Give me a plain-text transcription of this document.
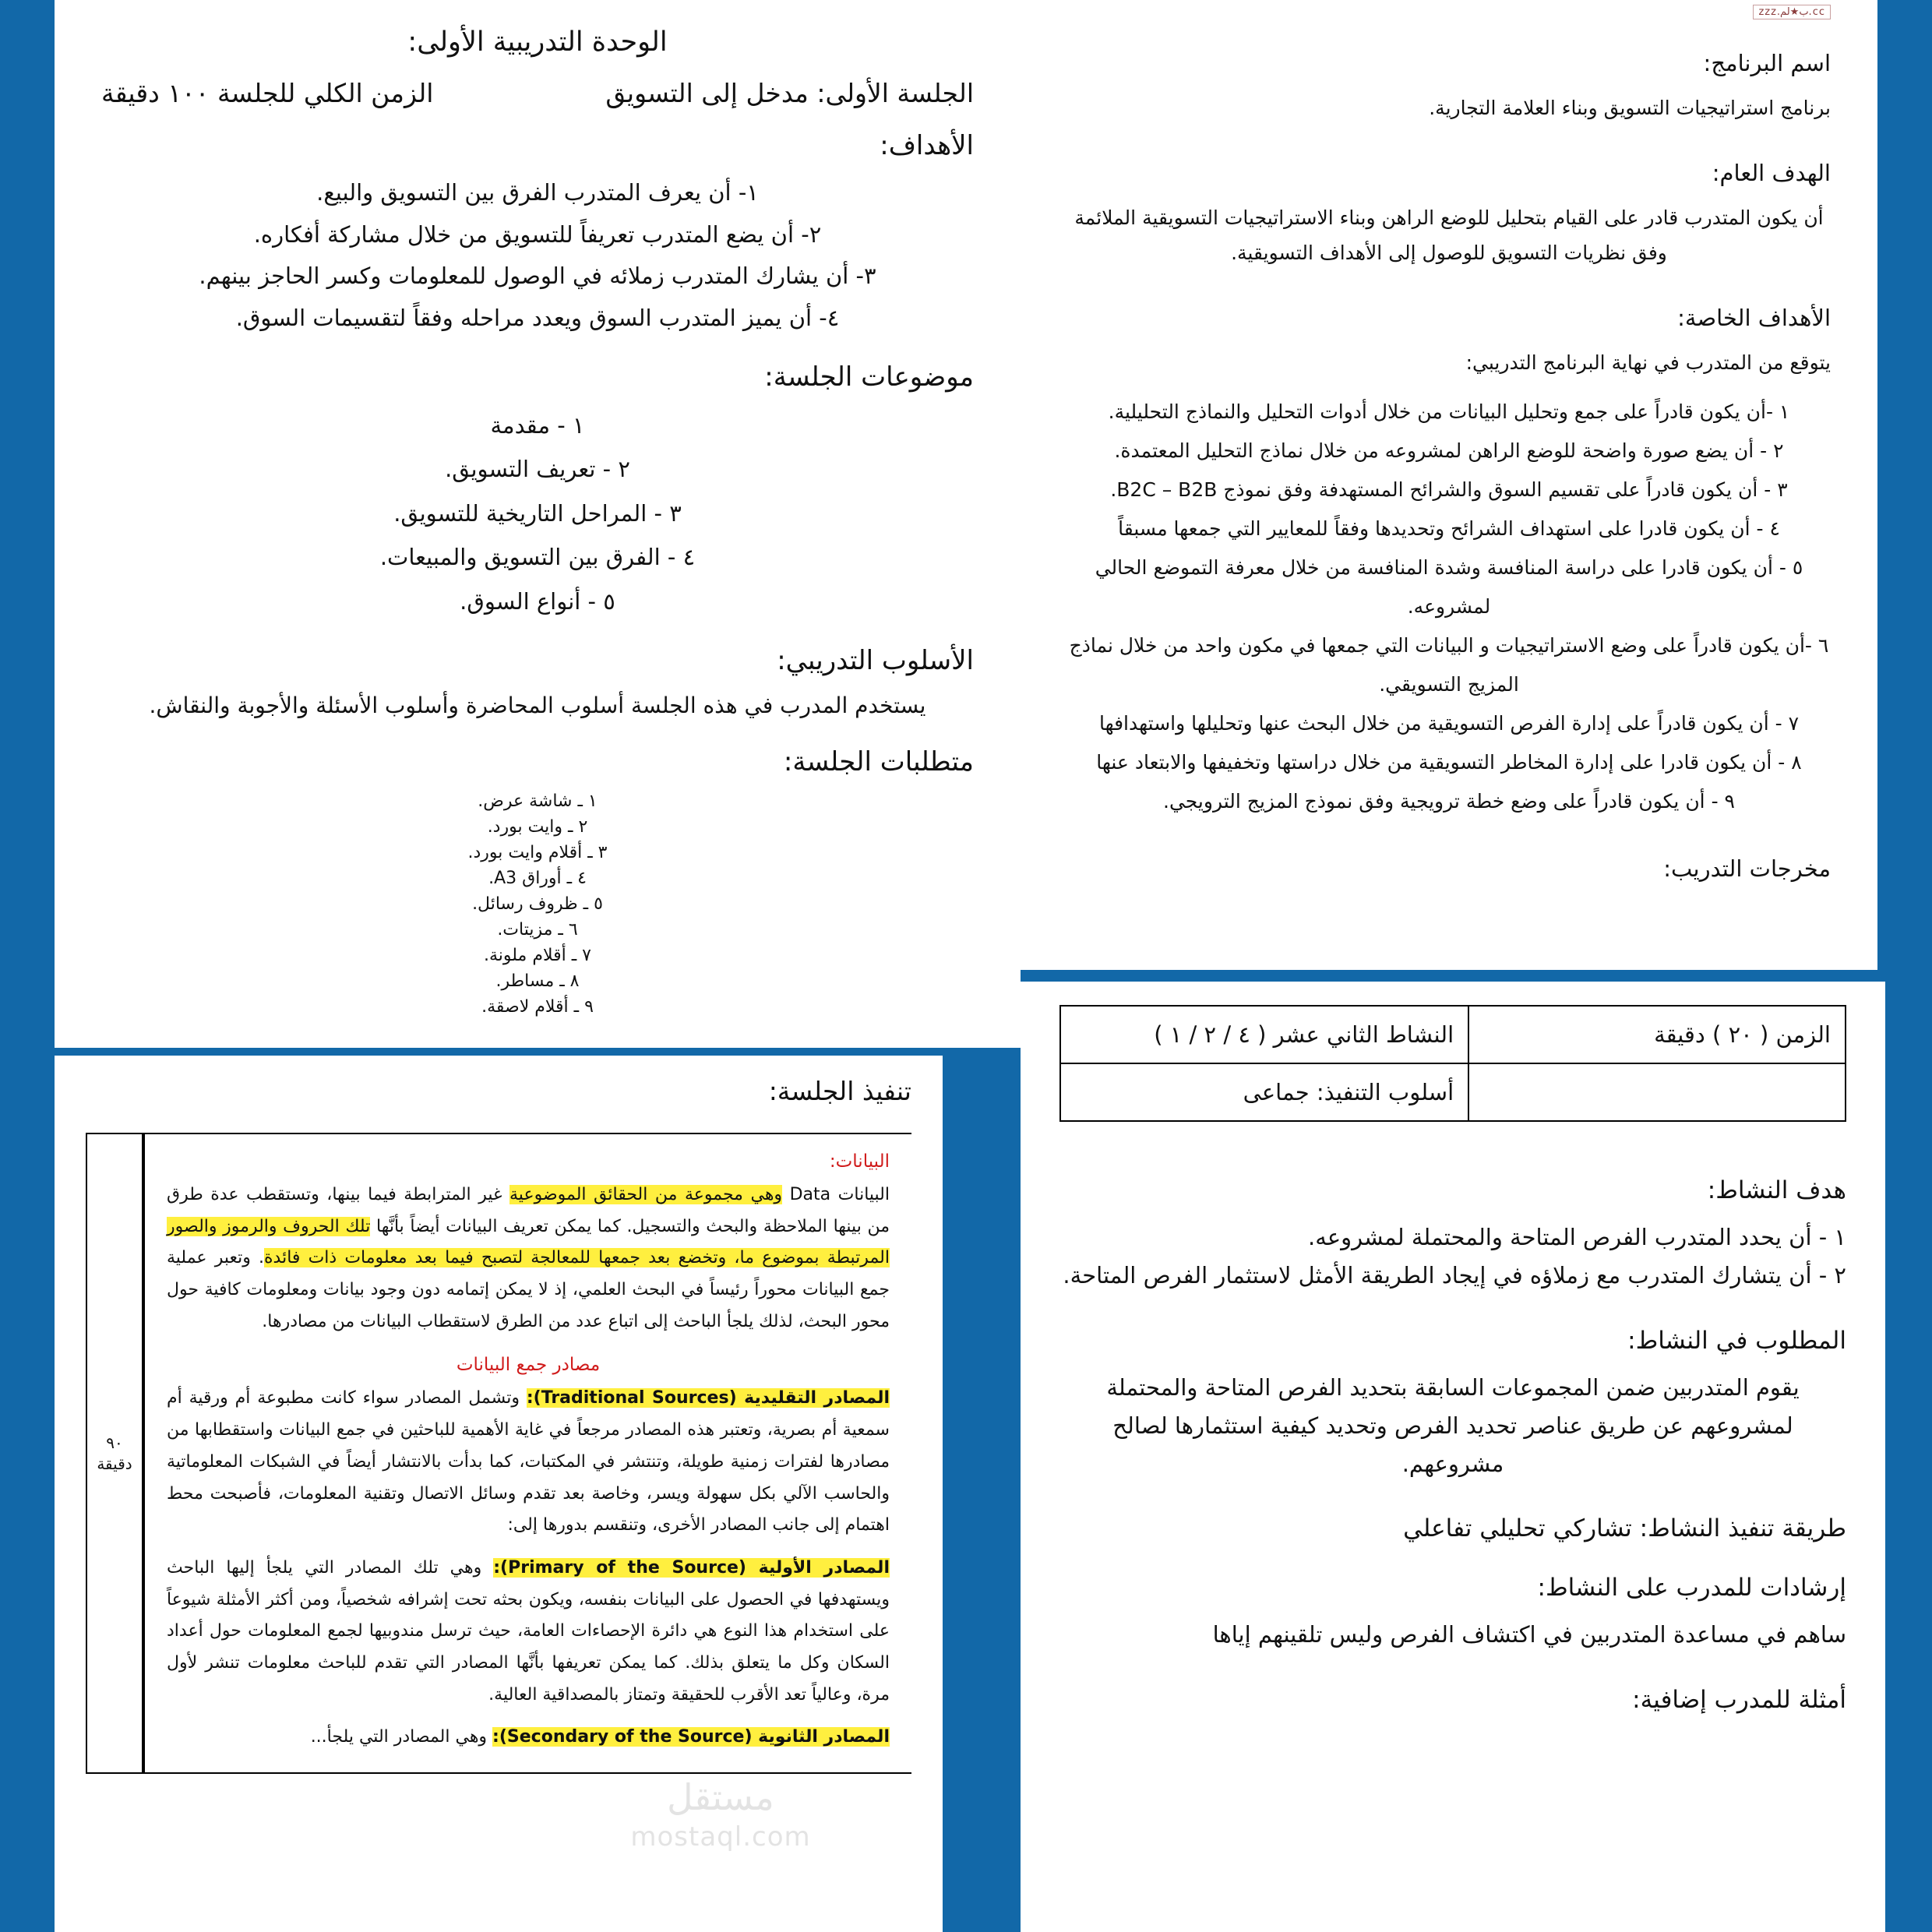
الوحدة التدريبية الأولى:
الجلسة الأولى: مدخل إلى التسويق
الزمن الكلي للجلسة ١٠٠ دقيقة
الأهداف:
١- أن يعرف المتدرب الفرق بين التسويق والبيع.
٢- أن يضع المتدرب تعريفاً للتسويق من خلال مشاركة أفكاره.
٣- أن يشارك المتدرب زملائه في الوصول للمعلومات وكسر الحاجز بينهم.
٤- أن يميز المتدرب السوق ويعدد مراحله وفقاً لتقسيمات السوق.
موضوعات الجلسة:
١ - مقدمة
٢ - تعريف التسويق.
٣ - المراحل التاريخية للتسويق.
٤ - الفرق بين التسويق والمبيعات.
٥ - أنواع السوق.
الأسلوب التدريبي:
يستخدم المدرب في هذه الجلسة أسلوب المحاضرة وأسلوب الأسئلة والأجوبة والنقاش.
متطلبات الجلسة:
١ ـ شاشة عرض.
٢ ـ وايت بورد.
٣ ـ أقلام وايت بورد.
٤ ـ أوراق A3.
٥ ـ ظروف رسائل.
٦ ـ مزيتات.
٧ ـ أقلام ملونة.
٨ ـ مساطر.
٩ ـ أقلام لاصقة.
cc.ب★لم.zzz
اسم البرنامج:

برنامج استراتيجيات التسويق وبناء العلامة التجارية.

الهدف العام:

أن يكون المتدرب قادر على القيام بتحليل للوضع الراهن وبناء الاستراتيجيات التسويقية الملائمة وفق نظريات التسويق للوصول إلى الأهداف التسويقية.

الأهداف الخاصة:

يتوقع من المتدرب في نهاية البرنامج التدريبي:

١ -أن يكون قادراً على جمع وتحليل البيانات من خلال أدوات التحليل والنماذج التحليلية.
٢ - أن يضع صورة واضحة للوضع الراهن لمشروعه من خلال نماذج التحليل المعتمدة.
٣ - أن يكون قادراً على تقسيم السوق والشرائح المستهدفة وفق نموذج B2C – B2B.
٤ - أن يكون قادرا على استهداف الشرائح وتحديدها وفقاً للمعايير التي جمعها مسبقاً
٥ - أن يكون قادرا على دراسة المنافسة وشدة المنافسة من خلال معرفة التموضع الحالي لمشروعه.
٦ -أن يكون قادراً على وضع الاستراتيجيات و البيانات التي جمعها في مكون واحد من خلال نماذج المزيج التسويقي.
٧ - أن يكون قادراً على إدارة الفرص التسويقية من خلال البحث عنها وتحليلها واستهدافها
٨ - أن يكون قادرا على إدارة المخاطر التسويقية من خلال دراستها وتخفيفها والابتعاد عنها
٩ - أن يكون قادراً على وضع خطة ترويجية وفق نموذج المزيج الترويجي.
مخرجات التدريب:
الزمن ( ٢٠ ) دقيقة	النشاط الثاني عشر ( ٤ / ٢ / ١ )
	أسلوب التنفيذ: جماعى
هدف النشاط:
١ - أن يحدد المتدرب الفرص المتاحة والمحتملة لمشروعه.
٢ - أن يتشارك المتدرب مع زملاؤه في إيجاد الطريقة الأمثل لاستثمار الفرص المتاحة.
المطلوب في النشاط:

يقوم المتدربين ضمن المجموعات السابقة بتحديد الفرص المتاحة والمحتملة لمشروعهم عن طريق عناصر تحديد الفرص وتحديد كيفية استثمارها لصالح مشروعهم.

طريقة تنفيذ النشاط: تشاركي تحليلي تفاعلي
إرشادات للمدرب على النشاط:

ساهم في مساعدة المتدربين في اكتشاف الفرص وليس تلقينهم إياها

أمثلة للمدرب إضافية:
تنفيذ الجلسة:
البيانات:

البيانات Data وهي مجموعة من الحقائق الموضوعية غير المترابطة فيما بينها، وتستقطب عدة طرق من بينها الملاحظة والبحث والتسجيل. كما يمكن تعريف البيانات أيضاً بأنَّها تلك الحروف والرموز والصور المرتبطة بموضوع ما، وتخضع بعد جمعها للمعالجة لتصبح فيما بعد معلومات ذات فائدة. وتعبر عملية جمع البيانات محوراً رئيساً في البحث العلمي، إذ لا يمكن إتمامه دون وجود بيانات ومعلومات كافية حول محور البحث، لذلك يلجأ الباحث إلى اتباع عدد من الطرق لاستقطاب البيانات من مصادرها.

مصادر جمع البيانات

المصادر التقليدية (Traditional Sources): وتشمل المصادر سواء كانت مطبوعة أم ورقية أم سمعية أم بصرية، وتعتبر هذه المصادر مرجعاً في غاية الأهمية للباحثين في جمع البيانات واستقطابها من مصادرها لفترات زمنية طويلة، وتنتشر في المكتبات، كما بدأت بالانتشار أيضاً في الشبكات المعلوماتية والحاسب الآلي بكل سهولة ويسر، وخاصة بعد تقدم وسائل الاتصال وتقنية المعلومات، فأصبحت محط اهتمام إلى جانب المصادر الأخرى، وتنقسم بدورها إلى:

المصادر الأولية (Primary of the Source): وهي تلك المصادر التي يلجأ إليها الباحث ويستهدفها في الحصول على البيانات بنفسه، ويكون بحثه تحت إشرافه شخصياً، ومن أكثر الأمثلة شيوعاً على استخدام هذا النوع هي دائرة الإحصاءات العامة، حيث ترسل مندوبيها لجمع المعلومات حول أعداد السكان وكل ما يتعلق بذلك. كما يمكن تعريفها بأنَّها المصادر التي تقدم للباحث معلومات تنشر لأول مرة، وعالياً تعد الأقرب للحقيقة وتمتاز بالمصداقية العالية.

المصادر الثانوية (Secondary of the Source): وهي المصادر التي يلجأ...

٩٠ دقيقة
مستقل
mostaql.com
